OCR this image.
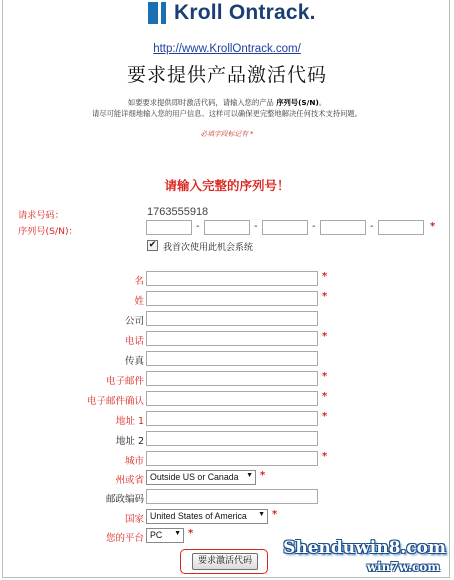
Kroll Ontrack.
http://www.KrollOntrack.com/
要求提供产品激活代码
如要要求提供即时激活代码，请输入您的产品 序列号(S/N)。
请尽可能详细地输入您的用户信息。这样可以确保更完整地解决任何技术支持问题。
必填字段标记有 *
请输入完整的序列号！
请求号码：	1763555918
序列号(S/N)：	-	-	-	-	*
✔ 我首次使用此机会系统
名	*
姓	*
公司
电话	*
传真
电子邮件	*
电子邮件确认	*
地址 1	*
地址 2
城市	*
州或省 Outside US or Canada ▼ *
邮政编码
国家 United States of America ▼ *
您的平台 PC ▼ *
要求激活代码
Shenduwin8.com
win7w.com
